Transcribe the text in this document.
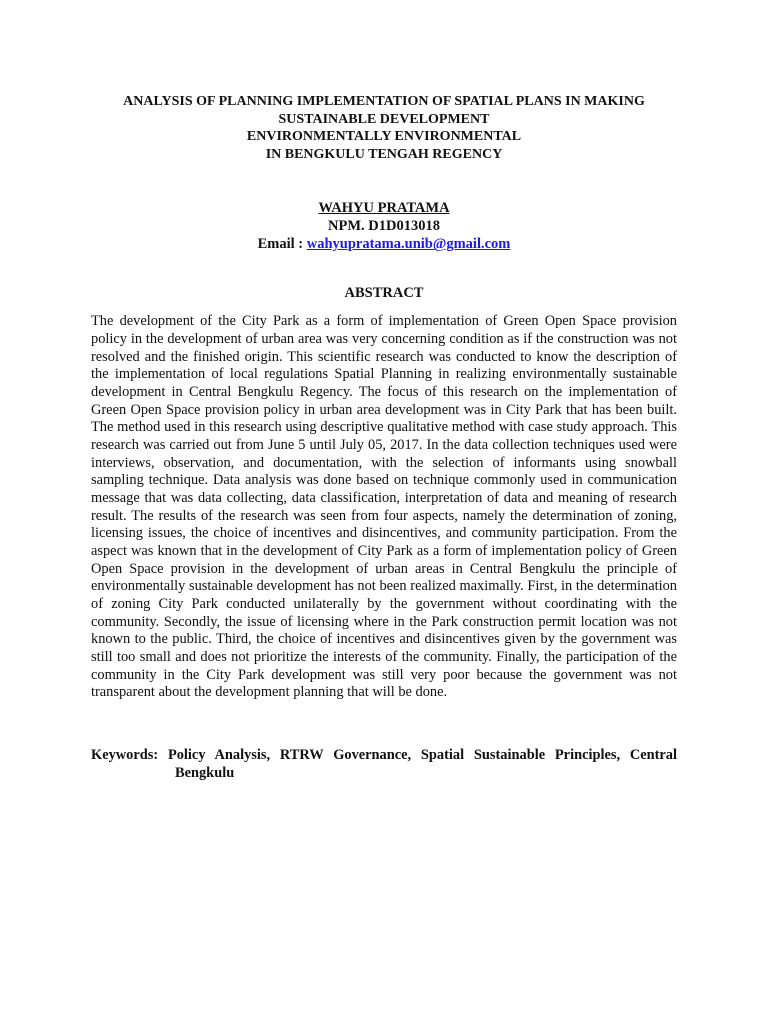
ANALYSIS OF PLANNING IMPLEMENTATION OF SPATIAL PLANS IN MAKING
SUSTAINABLE DEVELOPMENT
ENVIRONMENTALLY ENVIRONMENTAL
IN BENGKULU TENGAH REGENCY
WAHYU PRATAMA
NPM. D1D013018
Email : wahyupratama.unib@gmail.com
ABSTRACT
The development of the City Park as a form of implementation of Green Open Space provision policy in the development of urban area was very concerning condition as if the construction was not resolved and the finished origin. This scientific research was conducted to know the description of the implementation of local regulations Spatial Planning in realizing environmentally sustainable development in Central Bengkulu Regency. The focus of this research on the implementation of Green Open Space provision policy in urban area development was in City Park that has been built. The method used in this research using descriptive qualitative method with case study approach. This research was carried out from June 5 until July 05, 2017. In the data collection techniques used were interviews, observation, and documentation, with the selection of informants using snowball sampling technique. Data analysis was done based on technique commonly used in communication message that was data collecting, data classification, interpretation of data and meaning of research result. The results of the research was seen from four aspects, namely the determination of zoning, licensing issues, the choice of incentives and disincentives, and community participation. From the aspect was known that in the development of City Park as a form of implementation policy of Green Open Space provision in the development of urban areas in Central Bengkulu the principle of environmentally sustainable development has not been realized maximally. First, in the determination of zoning City Park conducted unilaterally by the government without coordinating with the community. Secondly, the issue of licensing where in the Park construction permit location was not known to the public. Third, the choice of incentives and disincentives given by the government was still too small and does not prioritize the interests of the community. Finally, the participation of the community in the City Park development was still very poor because the government was not transparent about the development planning that will be done.
Keywords: Policy Analysis, RTRW Governance, Spatial Sustainable Principles, Central Bengkulu
